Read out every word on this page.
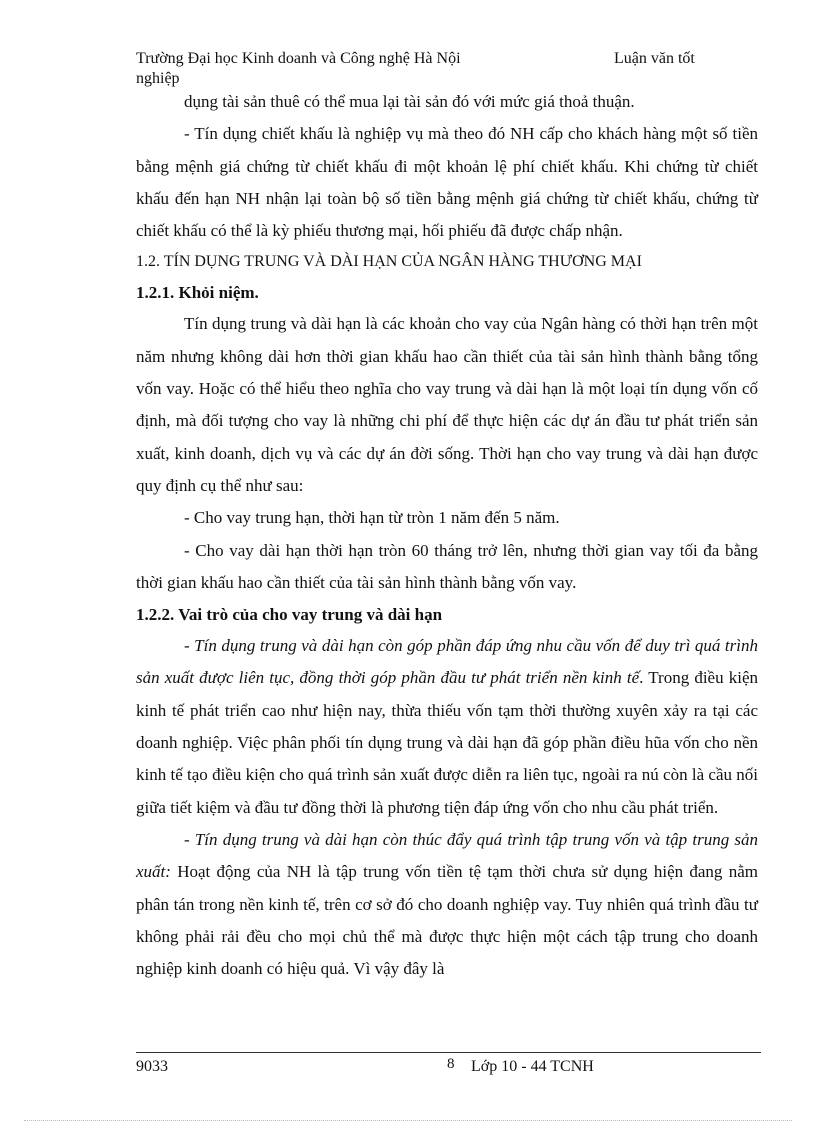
Trường Đại học Kinh doanh và Công nghệ Hà Nội	Luận văn tốt
nghiệp

dụng tài sản thuê có thể mua lại tài sản đó với mức giá thoả thuận.

- Tín dụng chiết khấu là nghiệp vụ mà theo đó NH cấp cho khách hàng một số tiền bằng mệnh giá chứng từ chiết khấu đi một khoản lệ phí chiết khấu. Khi chứng từ chiết khấu đến hạn NH nhận lại toàn bộ số tiền bằng mệnh giá chứng từ chiết khấu, chứng từ chiết khấu có thể là kỳ phiếu thương mại, hối phiếu đã được chấp nhận.

1.2. TÍN DỤNG TRUNG VÀ DÀI HẠN CỦA NGÂN HÀNG THƯƠNG MẠI

1.2.1. Khỏi niệm.

Tín dụng trung và dài hạn là các khoản cho vay của Ngân hàng có thời hạn trên một năm nhưng không dài hơn thời gian khấu hao cần thiết của tài sản hình thành bằng tổng vốn vay. Hoặc có thể hiểu theo nghĩa cho vay trung và dài hạn là một loại tín dụng vốn cố định, mà đối tượng cho vay là những chi phí để thực hiện các dự án đầu tư phát triển sản xuất, kinh doanh, dịch vụ và các dự án đời sống. Thời hạn cho vay trung và dài hạn được quy định cụ thể như sau:

- Cho vay trung hạn, thời hạn từ tròn 1 năm đến 5 năm.

- Cho vay dài hạn thời hạn tròn 60 tháng trở lên, nhưng thời gian vay tối đa bằng thời gian khấu hao cần thiết của tài sản hình thành bằng vốn vay.

1.2.2. Vai trò của cho vay trung và dài hạn

- Tín dụng trung và dài hạn còn góp phần đáp ứng nhu cầu vốn để duy trì quá trình sản xuất được liên tục, đồng thời góp phần đầu tư phát triển nền kinh tế. Trong điều kiện kinh tế phát triển cao như hiện nay, thừa thiếu vốn tạm thời thường xuyên xảy ra tại các doanh nghiệp. Việc phân phối tín dụng trung và dài hạn đã góp phần điều hũa vốn cho nền kinh tế tạo điều kiện cho quá trình sản xuất được diễn ra liên tục, ngoài ra nú còn là cầu nối giữa tiết kiệm và đầu tư đồng thời là phương tiện đáp ứng vốn cho nhu cầu phát triển.

- Tín dụng trung và dài hạn còn thúc đẩy quá trình tập trung vốn và tập trung sản xuất: Hoạt động của NH là tập trung vốn tiền tệ tạm thời chưa sử dụng hiện đang nằm phân tán trong nền kinh tế, trên cơ sở đó cho doanh nghiệp vay. Tuy nhiên quá trình đầu tư không phải rải đều cho mọi chủ thể mà được thực hiện một cách tập trung cho doanh nghiệp kinh doanh có hiệu quả. Vì vậy đây là

9033	8 Lớp 10 - 44 TCNH
